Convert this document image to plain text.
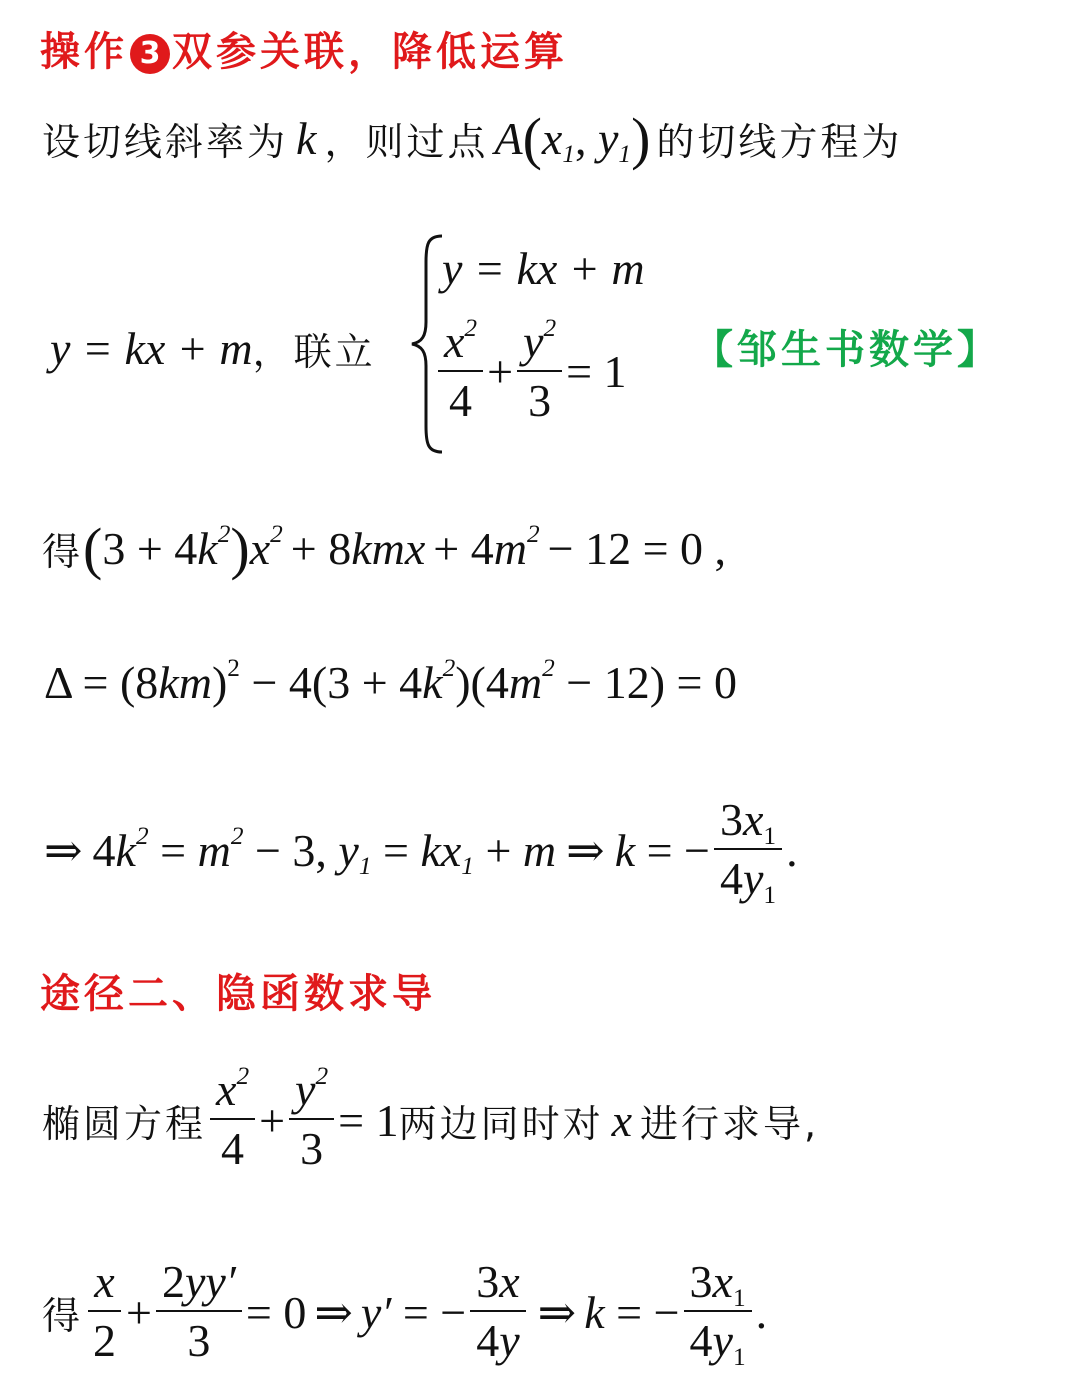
操作 3 双参关联，降低运算
设切线斜率为 k ， 则过点 A ( $x_1$ , $y_1$ ) 的切线方程为
y = kx + m ， 联立
y = kx + m
$\frac{x^2}{4} + \frac{y^2}{3} = 1$ 【邹生书数学】
得 ( 3 + 4 $k^2$ ) $x^2 + 8$ kmx + 4 $m^2 - 12 = 0$ ,
Δ = (8 km )$^2$ − 4(3 + 4 $k^2$ )(4 $m^2 - 12) = 0$
⇒ 4 $k^2 = m^2 - 3$, $y_1 = kx_1 + m$ ⇒ k = − $\frac{3x_1}{4y_1}$ .
途径二、隐函数求导
椭圆方程 $\frac{x^2}{4} + \frac{y^2}{3} = 1$ 两边同时对 x 进行求导,
得 $\frac{x}{2} + \frac{2yy'}{3} = 0$ ⇒ y′ = − $\frac{3x}{4y}$ ⇒ k = − $\frac{3x_1}{4y_1}$ .
